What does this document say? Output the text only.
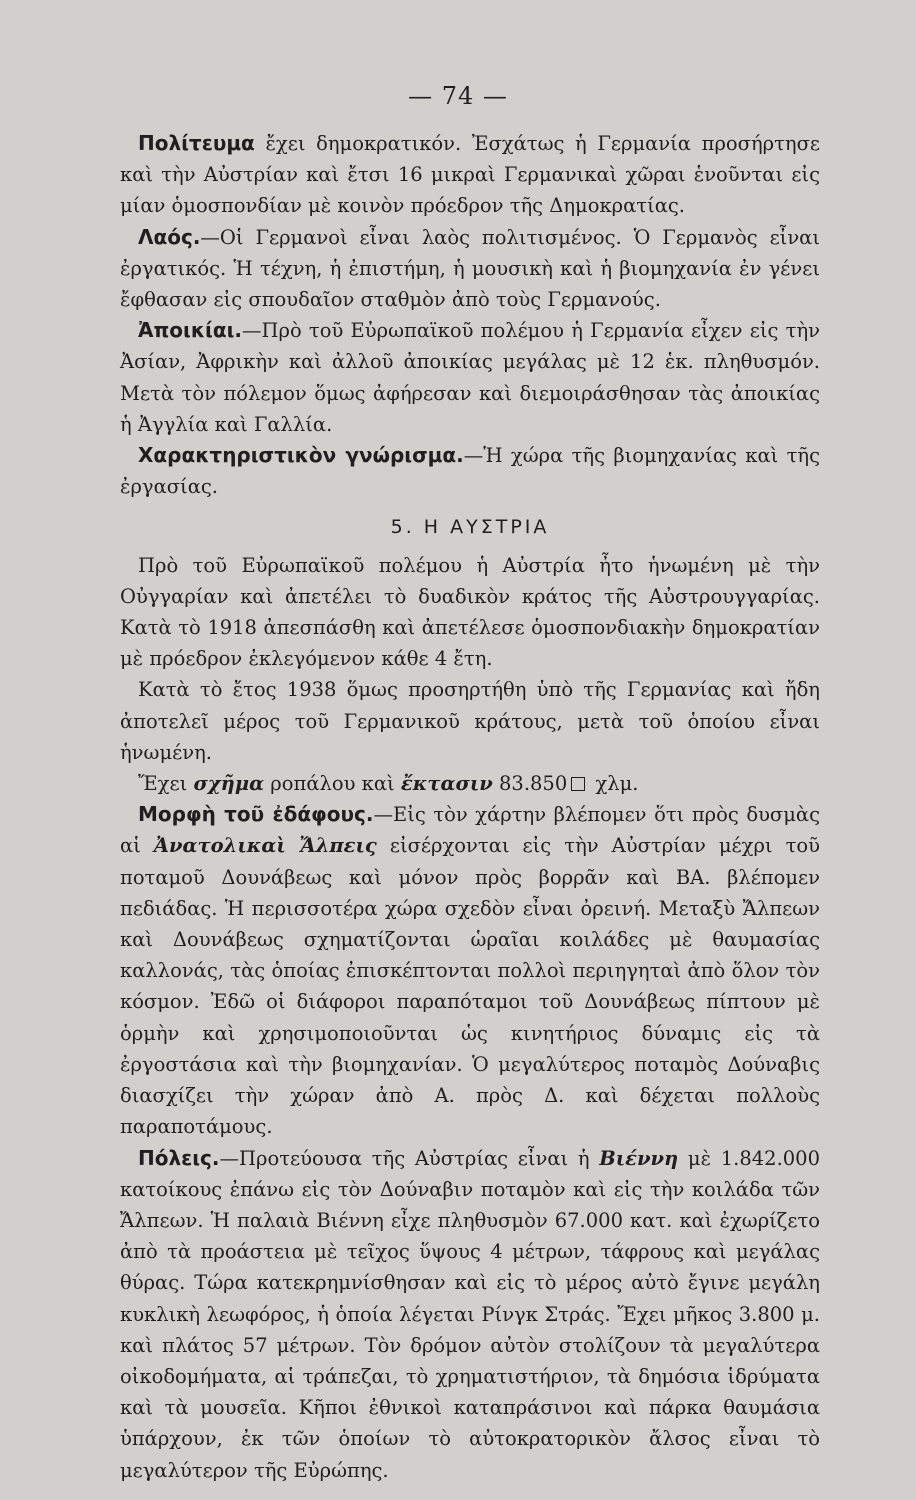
— 74 —

Πολίτευμα ἔχει δημοκρατικόν. Ἐσχάτως ἡ Γερμανία προσήρτησε καὶ τὴν Αὐστρίαν καὶ ἔτσι 16 μικραὶ Γερμανικαὶ χῶραι ἑνοῦνται εἰς μίαν ὁμοσπονδίαν μὲ κοινὸν πρόεδρον τῆς Δημοκρατίας.

Λαός.—Οἱ Γερμανοὶ εἶναι λαὸς πολιτισμένος. Ὁ Γερμανὸς εἶναι ἐργατικός. Ἡ τέχνη, ἡ ἐπιστήμη, ἡ μουσικὴ καὶ ἡ βιομηχανία ἐν γένει ἔφθασαν εἰς σπουδαῖον σταθμὸν ἀπὸ τοὺς Γερμανούς.

Ἀποικίαι.—Πρὸ τοῦ Εὐρωπαϊκοῦ πολέμου ἡ Γερμανία εἶχεν εἰς τὴν Ἀσίαν, Ἀφρικὴν καὶ ἀλλοῦ ἀποικίας μεγάλας μὲ 12 ἑκ. πληθυσμόν. Μετὰ τὸν πόλεμον ὅμως ἀφήρεσαν καὶ διεμοιράσθησαν τὰς ἀποικίας ἡ Ἀγγλία καὶ Γαλλία.

Χαρακτηριστικὸν γνώρισμα.—Ἡ χώρα τῆς βιομηχανίας καὶ τῆς ἐργασίας.

5. Η ΑΥΣΤΡΙΑ

Πρὸ τοῦ Εὐρωπαϊκοῦ πολέμου ἡ Αὐστρία ἦτο ἡνωμένη μὲ τὴν Οὐγγαρίαν καὶ ἀπετέλει τὸ δυαδικὸν κράτος τῆς Αὐστρουγγαρίας. Κατὰ τὸ 1918 ἀπεσπάσθη καὶ ἀπετέλεσε ὁμοσπονδιακὴν δημοκρατίαν μὲ πρόεδρον ἐκλεγόμενον κάθε 4 ἔτη.

Κατὰ τὸ ἔτος 1938 ὅμως προσηρτήθη ὑπὸ τῆς Γερμανίας καὶ ἤδη ἀποτελεῖ μέρος τοῦ Γερμανικοῦ κράτους, μετὰ τοῦ ὁποίου εἶναι ἡνωμένη.

Ἔχει σχῆμα ροπάλου καὶ ἔκτασιν 83.850 χλμ.

Μορφὴ τοῦ ἐδάφους.—Εἰς τὸν χάρτην βλέπομεν ὅτι πρὸς δυσμὰς αἱ Ἀνατολικαὶ Ἄλπεις εἰσέρχονται εἰς τὴν Αὐστρίαν μέχρι τοῦ ποταμοῦ Δουνάβεως καὶ μόνον πρὸς βορρᾶν καὶ ΒΑ. βλέπομεν πεδιάδας. Ἡ περισσοτέρα χώρα σχεδὸν εἶναι ὀρεινή. Μεταξὺ Ἄλπεων καὶ Δουνάβεως σχηματίζονται ὡραῖαι κοιλάδες μὲ θαυμασίας καλλονάς, τὰς ὁποίας ἐπισκέπτονται πολλοὶ περιηγηταὶ ἀπὸ ὅλον τὸν κόσμον. Ἐδῶ οἱ διάφοροι παραπόταμοι τοῦ Δουνάβεως πίπτουν μὲ ὁρμὴν καὶ χρησιμοποιοῦνται ὡς κινητήριος δύναμις εἰς τὰ ἐργοστάσια καὶ τὴν βιομηχανίαν. Ὁ μεγαλύτερος ποταμὸς Δούναβις διασχίζει τὴν χώραν ἀπὸ Α. πρὸς Δ. καὶ δέχεται πολλοὺς παραποτάμους.

Πόλεις.—Προτεύουσα τῆς Αὐστρίας εἶναι ἡ Βιέννη μὲ 1.842.000 κατοίκους ἐπάνω εἰς τὸν Δούναβιν ποταμὸν καὶ εἰς τὴν κοιλάδα τῶν Ἄλπεων. Ἡ παλαιὰ Βιέννη εἶχε πληθυσμὸν 67.000 κατ. καὶ ἐχωρίζετο ἀπὸ τὰ προάστεια μὲ τεῖχος ὕψους 4 μέτρων, τάφρους καὶ μεγάλας θύρας. Τώρα κατεκρημνίσθησαν καὶ εἰς τὸ μέρος αὐτὸ ἔγινε μεγάλη κυκλικὴ λεωφόρος, ἡ ὁποία λέγεται Ρίνγκ Στράς. Ἔχει μῆκος 3.800 μ. καὶ πλάτος 57 μέτρων. Τὸν δρόμον αὐτὸν στολίζουν τὰ μεγαλύτερα οἰκοδομήματα, αἱ τράπεζαι, τὸ χρηματιστήριον, τὰ δημόσια ἱδρύματα καὶ τὰ μουσεῖα. Κῆποι ἐθνικοὶ καταπράσινοι καὶ πάρκα θαυμάσια ὑπάρχουν, ἐκ τῶν ὁποίων τὸ αὐτοκρατορικὸν ἄλσος εἶναι τὸ μεγαλύτερον τῆς Εὐρώπης.
